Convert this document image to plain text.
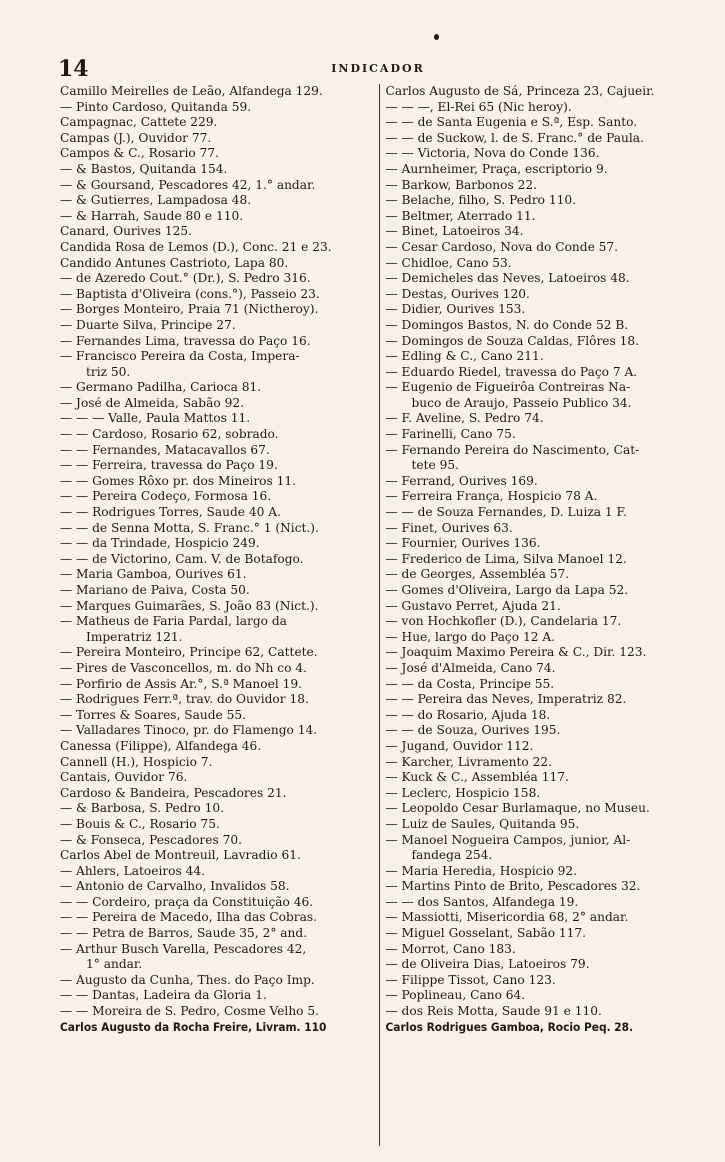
14	INDICADOR
Camillo Meirelles de Leão, Alfandega 129.
— Pinto Cardoso, Quitanda 59.
Campagnac, Cattete 229.
Campas (J.), Ouvidor 77.
Campos & C., Rosario 77.
— & Bastos, Quitanda 154.
— & Goursand, Pescadores 42, 1.° andar.
— & Gutierres, Lampadosa 48.
— & Harrah, Saude 80 e 110.
Canard, Ourives 125.
Candida Rosa de Lemos (D.), Conc. 21 e 23.
Candido Antunes Castrioto, Lapa 80.
— de Azeredo Cout.° (Dr.), S. Pedro 316.
— Baptista d'Oliveira (cons.°), Passeio 23.
— Borges Monteiro, Praia 71 (Nictheroy).
— Duarte Silva, Principe 27.
— Fernandes Lima, travessa do Paço 16.
— Francisco Pereira da Costa, Impera-
triz 50.
— Germano Padilha, Carioca 81.
— José de Almeida, Sabão 92.
— — — Valle, Paula Mattos 11.
— — Cardoso, Rosario 62, sobrado.
— — Fernandes, Matacavallos 67.
— — Ferreira, travessa do Paço 19.
— — Gomes Rôxo pr. dos Mineiros 11.
— — Pereira Codeço, Formosa 16.
— — Rodrigues Torres, Saude 40 A.
— — de Senna Motta, S. Franc.° 1 (Nict.).
— — da Trindade, Hospicio 249.
— — de Victorino, Cam. V. de Botafogo.
— Maria Gamboa, Ourives 61.
— Mariano de Paiva, Costa 50.
— Marques Guimarães, S. João 83 (Nict.).
— Matheus de Faria Pardal, largo da
Imperatriz 121.
— Pereira Monteiro, Principe 62, Cattete.
— Pires de Vasconcellos, m. do Nh co 4.
— Porfirio de Assis Ar.°, S.ª Manoel 19.
— Rodrigues Ferr.ª, trav. do Ouvidor 18.
— Torres & Soares, Saude 55.
— Valladares Tinoco, pr. do Flamengo 14.
Canessa (Filippe), Alfandega 46.
Cannell (H.), Hospicio 7.
Cantais, Ouvidor 76.
Cardoso & Bandeira, Pescadores 21.
— & Barbosa, S. Pedro 10.
— Bouis & C., Rosario 75.
— & Fonseca, Pescadores 70.
Carlos Abel de Montreuil, Lavradio 61.
— Ahlers, Latoeiros 44.
— Antonio de Carvalho, Invalidos 58.
— — Cordeiro, praça da Constituição 46.
— — Pereira de Macedo, Ilha das Cobras.
— — Petra de Barros, Saude 35, 2° and.
— Arthur Busch Varella, Pescadores 42,
1° andar.
— Augusto da Cunha, Thes. do Paço Imp.
— — Dantas, Ladeira da Gloria 1.
— — Moreira de S. Pedro, Cosme Velho 5.
Carlos Augusto da Rocha Freire, Livram. 110
Carlos Augusto de Sá, Princeza 23, Cajueir.
— — —, El-Rei 65 (Nic heroy).
— — de Santa Eugenia e S.ª, Esp. Santo.
— — de Suckow, l. de S. Franc.° de Paula.
— — Victoria, Nova do Conde 136.
— Aurnheimer, Praça, escriptorio 9.
— Barkow, Barbonos 22.
— Belache, filho, S. Pedro 110.
— Beltmer, Aterrado 11.
— Binet, Latoeiros 34.
— Cesar Cardoso, Nova do Conde 57.
— Chidloe, Cano 53.
— Demicheles das Neves, Latoeiros 48.
— Destas, Ourives 120.
— Didier, Ourives 153.
— Domingos Bastos, N. do Conde 52 B.
— Domingos de Souza Caldas, Flôres 18.
— Edling & C., Cano 211.
— Eduardo Riedel, travessa do Paço 7 A.
— Eugenio de Figueirôa Contreiras Na-
buco de Araujo, Passeio Publico 34.
— F. Aveline, S. Pedro 74.
— Farinelli, Cano 75.
— Fernando Pereira do Nascimento, Cat-
tete 95.
— Ferrand, Ourives 169.
— Ferreira França, Hospicio 78 A.
— — de Souza Fernandes, D. Luiza 1 F.
— Finet, Ourives 63.
— Fournier, Ourives 136.
— Frederico de Lima, Silva Manoel 12.
— de Georges, Assembléa 57.
— Gomes d'Oliveira, Largo da Lapa 52.
— Gustavo Perret, Ajuda 21.
— von Hochkofler (D.), Candelaria 17.
— Hue, largo do Paço 12 A.
— Joaquim Maximo Pereira & C., Dir. 123.
— José d'Almeida, Cano 74.
— — da Costa, Principe 55.
— — Pereira das Neves, Imperatriz 82.
— — do Rosario, Ajuda 18.
— — de Souza, Ourives 195.
— Jugand, Ouvidor 112.
— Karcher, Livramento 22.
— Kuck & C., Assembléa 117.
— Leclerc, Hospicio 158.
— Leopoldo Cesar Burlamaque, no Museu.
— Luiz de Saules, Quitanda 95.
— Manoel Nogueira Campos, junior, Al-
fandega 254.
— Maria Heredia, Hospicio 92.
— Martins Pinto de Brito, Pescadores 32.
— — dos Santos, Alfandega 19.
— Massiotti, Misericordia 68, 2° andar.
— Miguel Gosselant, Sabão 117.
— Morrot, Cano 183.
— de Oliveira Dias, Latoeiros 79.
— Filippe Tissot, Cano 123.
— Poplineau, Cano 64.
— dos Reis Motta, Saude 91 e 110.
Carlos Rodrigues Gamboa, Rocio Peq. 28.
